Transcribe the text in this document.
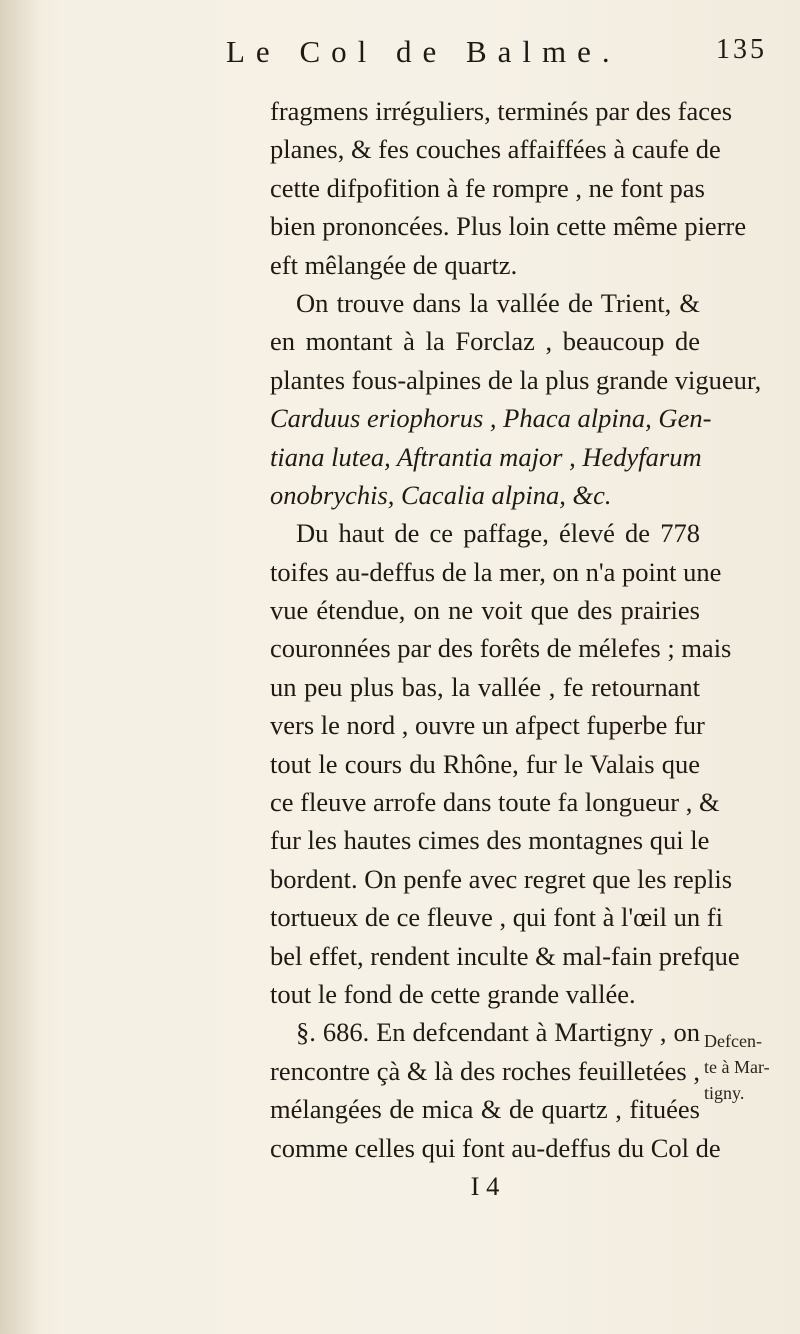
Le Col de Balme.	135
fragmens irréguliers, terminés par des faces
planes, & fes couches affaiffées à caufe de
cette difpofition à fe rompre , ne font pas
bien prononcées. Plus loin cette même pierre
eft mêlangée de quartz.
On trouve dans la vallée de Trient, &
en montant à la Forclaz , beaucoup de
plantes fous-alpines de la plus grande vigueur,
Carduus eriophorus , Phaca alpina, Gen-
tiana lutea, Aftrantia major , Hedyfarum
onobrychis, Cacalia alpina, &c.
Du haut de ce paffage, élevé de 778
toifes au-deffus de la mer, on n'a point une
vue étendue, on ne voit que des prairies
couronnées par des forêts de mélefes ; mais
un peu plus bas, la vallée , fe retournant
vers le nord , ouvre un afpect fuperbe fur
tout le cours du Rhône, fur le Valais que
ce fleuve arrofe dans toute fa longueur , &
fur les hautes cimes des montagnes qui le
bordent. On penfe avec regret que les replis
tortueux de ce fleuve , qui font à l'œil un fi
bel effet, rendent inculte & mal-fain prefque
tout le fond de cette grande vallée.
§. 686. En defcendant à Martigny , on
rencontre çà & là des roches feuilletées ,
mélangées de mica & de quartz , fituées
comme celles qui font au-deffus du Col de
I 4
Defcen-
te à Mar-
tigny.
